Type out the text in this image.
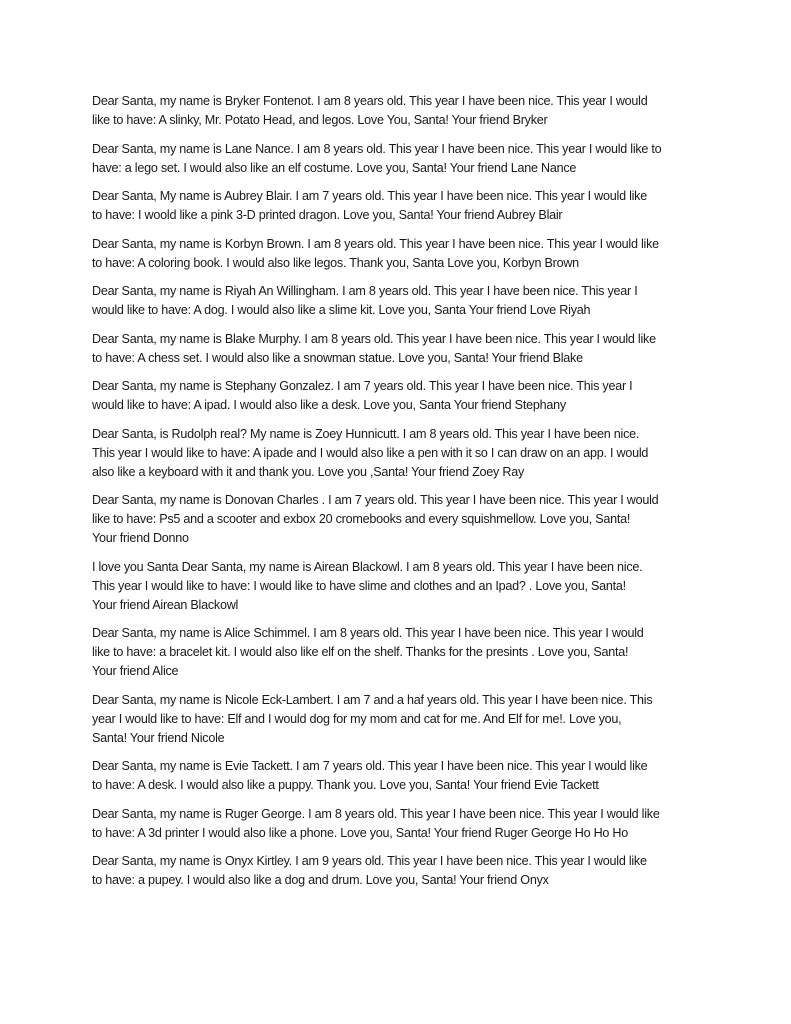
Dear Santa, my name is Bryker Fontenot. I am 8 years old. This year I have been nice. This year I would
like to have: A slinky, Mr. Potato Head, and legos. Love You, Santa! Your friend Bryker
Dear Santa, my name is Lane Nance. I am 8 years old. This year I have been nice. This year I would like to
have: a lego set. I would also like an elf costume. Love you, Santa! Your friend Lane Nance
Dear Santa, My name is Aubrey Blair. I am 7 years old. This year I have been nice. This year I would like
to have: I woold like a pink 3-D printed dragon. Love you, Santa! Your friend Aubrey Blair
Dear Santa, my name is Korbyn Brown. I am 8 years old. This year I have been nice. This year I would like
to have: A coloring book. I would also like legos. Thank you, Santa Love you, Korbyn Brown
Dear Santa, my name is Riyah An Willingham. I am 8 years old. This year I have been nice. This year I
would like to have: A dog. I would also like a slime kit. Love you, Santa Your friend Love Riyah
Dear Santa, my name is Blake Murphy. I am 8 years old. This year I have been nice. This year I would like
to have: A chess set. I would also like a snowman statue. Love you, Santa! Your friend Blake
Dear Santa, my name is Stephany Gonzalez. I am 7 years old. This year I have been nice. This year I
would like to have: A ipad. I would also like a desk. Love you, Santa Your friend Stephany
Dear Santa, is Rudolph real? My name is Zoey Hunnicutt. I am 8 years old. This year I have been nice.
This year I would like to have: A ipade and I would also like a pen with it so I can draw on an app. I would
also like a keyboard with it and thank you. Love you ,Santa! Your friend Zoey Ray
Dear Santa, my name is Donovan Charles . I am 7 years old. This year I have been nice. This year I would
like to have: Ps5 and a scooter and exbox 20 cromebooks and every squishmellow. Love you, Santa!
Your friend Donno
I love you Santa Dear Santa, my name is Airean Blackowl. I am 8 years old. This year I have been nice.
This year I would like to have: I would like to have slime and clothes and an Ipad? . Love you, Santa!
Your friend Airean Blackowl
Dear Santa, my name is Alice Schimmel. I am 8 years old. This year I have been nice. This year I would
like to have: a bracelet kit. I would also like elf on the shelf. Thanks for the presints . Love you, Santa!
Your friend Alice
Dear Santa, my name is Nicole Eck-Lambert. I am 7 and a haf years old. This year I have been nice. This
year I would like to have: Elf and I would dog for my mom and cat for me. And Elf for me!. Love you,
Santa! Your friend Nicole
Dear Santa, my name is Evie Tackett. I am 7 years old. This year I have been nice. This year I would like
to have: A desk. I would also like a puppy. Thank you. Love you, Santa! Your friend Evie Tackett
Dear Santa, my name is Ruger George. I am 8 years old. This year I have been nice. This year I would like
to have: A 3d printer I would also like a phone. Love you, Santa! Your friend Ruger George Ho Ho Ho
Dear Santa, my name is Onyx Kirtley. I am 9 years old. This year I have been nice. This year I would like
to have: a pupey. I would also like a dog and drum. Love you, Santa! Your friend Onyx
